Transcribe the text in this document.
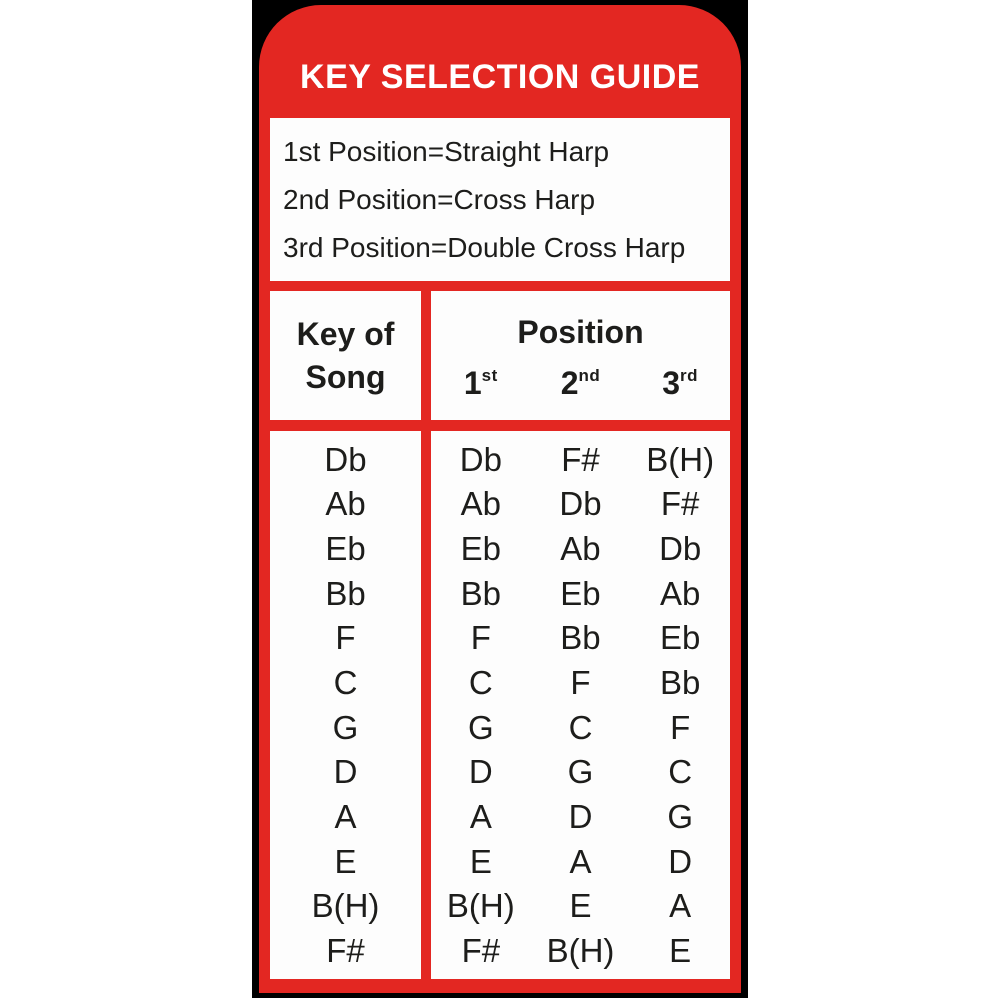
KEY SELECTION GUIDE
1st Position=Straight Harp
2nd Position=Cross Harp
3rd Position=Double Cross Harp
Key of
Song
Position
1st	2nd	3rd
Db
Ab
Eb
Bb
F
C
G
D
A
E
B(H)
F#
Db F# B(H)
Ab Db F#
Eb Ab Db
Bb Eb Ab
F Bb Eb
C F Bb
G C F
D G C
A D G
E A D
B(H) E A
F# B(H) E
